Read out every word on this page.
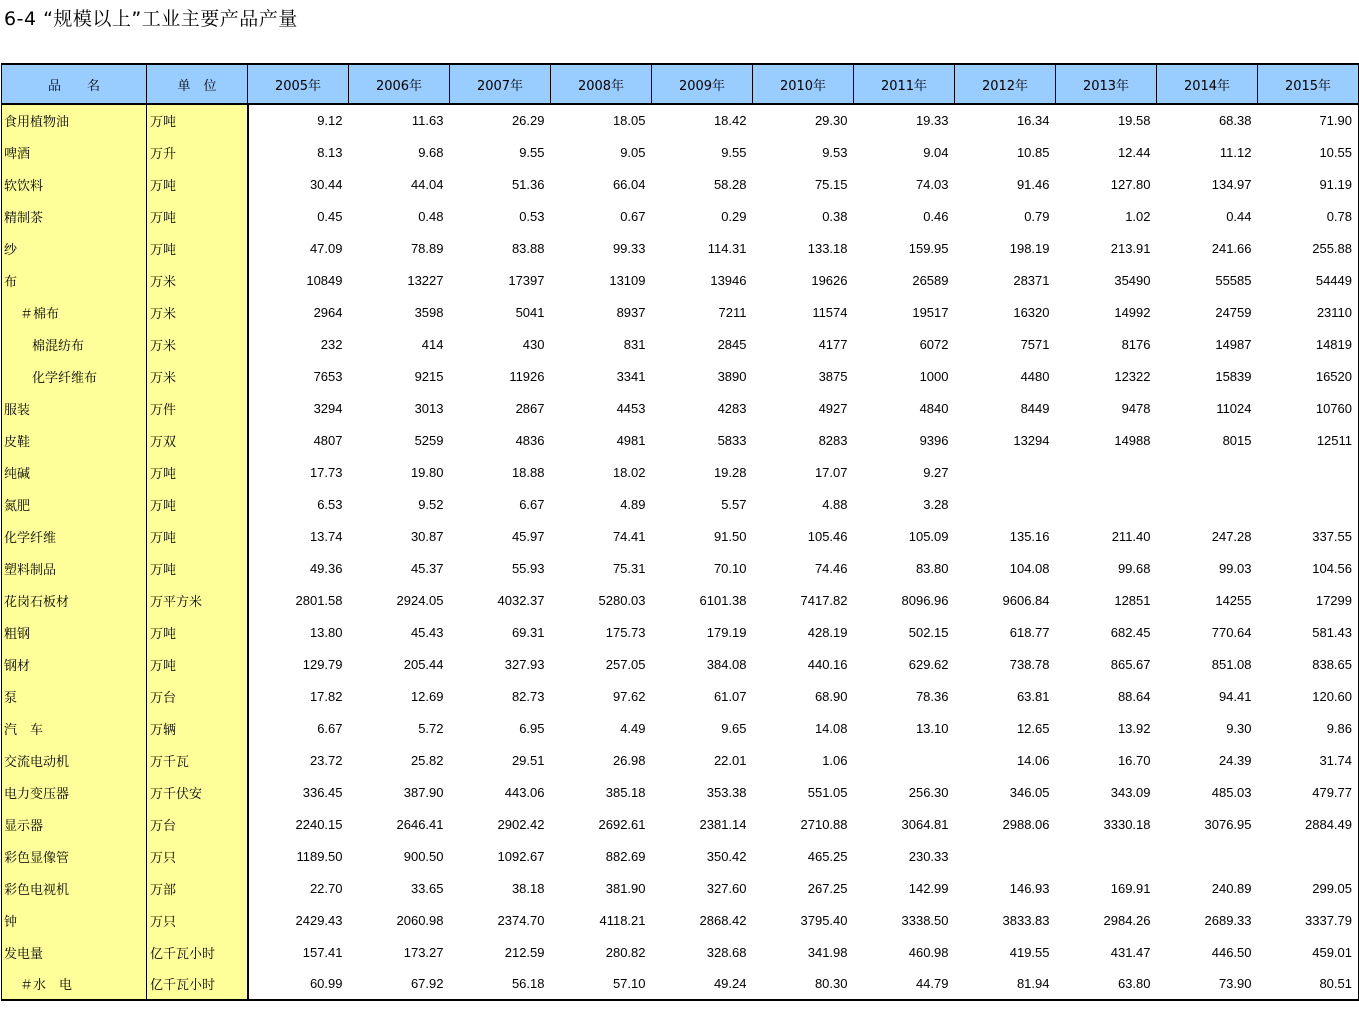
6-4 “规模以上”工业主要产品产量
品　　名	单　位	2005年	2006年	2007年	2008年	2009年	2010年	2011年	2012年	2013年	2014年	2015年
食用植物油	万吨	9.12	11.63	26.29	18.05	18.42	29.30	19.33	16.34	19.58	68.38	71.90
啤酒	万升	8.13	9.68	9.55	9.05	9.55	9.53	9.04	10.85	12.44	11.12	10.55
软饮料	万吨	30.44	44.04	51.36	66.04	58.28	75.15	74.03	91.46	127.80	134.97	91.19
精制茶	万吨	0.45	0.48	0.53	0.67	0.29	0.38	0.46	0.79	1.02	0.44	0.78
纱	万吨	47.09	78.89	83.88	99.33	114.31	133.18	159.95	198.19	213.91	241.66	255.88
布	万米	10849	13227	17397	13109	13946	19626	26589	28371	35490	55585	54449
＃棉布	万米	2964	3598	5041	8937	7211	11574	19517	16320	14992	24759	23110
棉混纺布	万米	232	414	430	831	2845	4177	6072	7571	8176	14987	14819
化学纤维布	万米	7653	9215	11926	3341	3890	3875	1000	4480	12322	15839	16520
服装	万件	3294	3013	2867	4453	4283	4927	4840	8449	9478	11024	10760
皮鞋	万双	4807	5259	4836	4981	5833	8283	9396	13294	14988	8015	12511
纯碱	万吨	17.73	19.80	18.88	18.02	19.28	17.07	9.27				
氮肥	万吨	6.53	9.52	6.67	4.89	5.57	4.88	3.28				
化学纤维	万吨	13.74	30.87	45.97	74.41	91.50	105.46	105.09	135.16	211.40	247.28	337.55
塑料制品	万吨	49.36	45.37	55.93	75.31	70.10	74.46	83.80	104.08	99.68	99.03	104.56
花岗石板材	万平方米	2801.58	2924.05	4032.37	5280.03	6101.38	7417.82	8096.96	9606.84	12851	14255	17299
粗钢	万吨	13.80	45.43	69.31	175.73	179.19	428.19	502.15	618.77	682.45	770.64	581.43
钢材	万吨	129.79	205.44	327.93	257.05	384.08	440.16	629.62	738.78	865.67	851.08	838.65
泵	万台	17.82	12.69	82.73	97.62	61.07	68.90	78.36	63.81	88.64	94.41	120.60
汽　车	万辆	6.67	5.72	6.95	4.49	9.65	14.08	13.10	12.65	13.92	9.30	9.86
交流电动机	万千瓦	23.72	25.82	29.51	26.98	22.01	1.06		14.06	16.70	24.39	31.74
电力变压器	万千伏安	336.45	387.90	443.06	385.18	353.38	551.05	256.30	346.05	343.09	485.03	479.77
显示器	万台	2240.15	2646.41	2902.42	2692.61	2381.14	2710.88	3064.81	2988.06	3330.18	3076.95	2884.49
彩色显像管	万只	1189.50	900.50	1092.67	882.69	350.42	465.25	230.33				
彩色电视机	万部	22.70	33.65	38.18	381.90	327.60	267.25	142.99	146.93	169.91	240.89	299.05
钟	万只	2429.43	2060.98	2374.70	4118.21	2868.42	3795.40	3338.50	3833.83	2984.26	2689.33	3337.79
发电量	亿千瓦小时	157.41	173.27	212.59	280.82	328.68	341.98	460.98	419.55	431.47	446.50	459.01
＃水　电	亿千瓦小时	60.99	67.92	56.18	57.10	49.24	80.30	44.79	81.94	63.80	73.90	80.51
